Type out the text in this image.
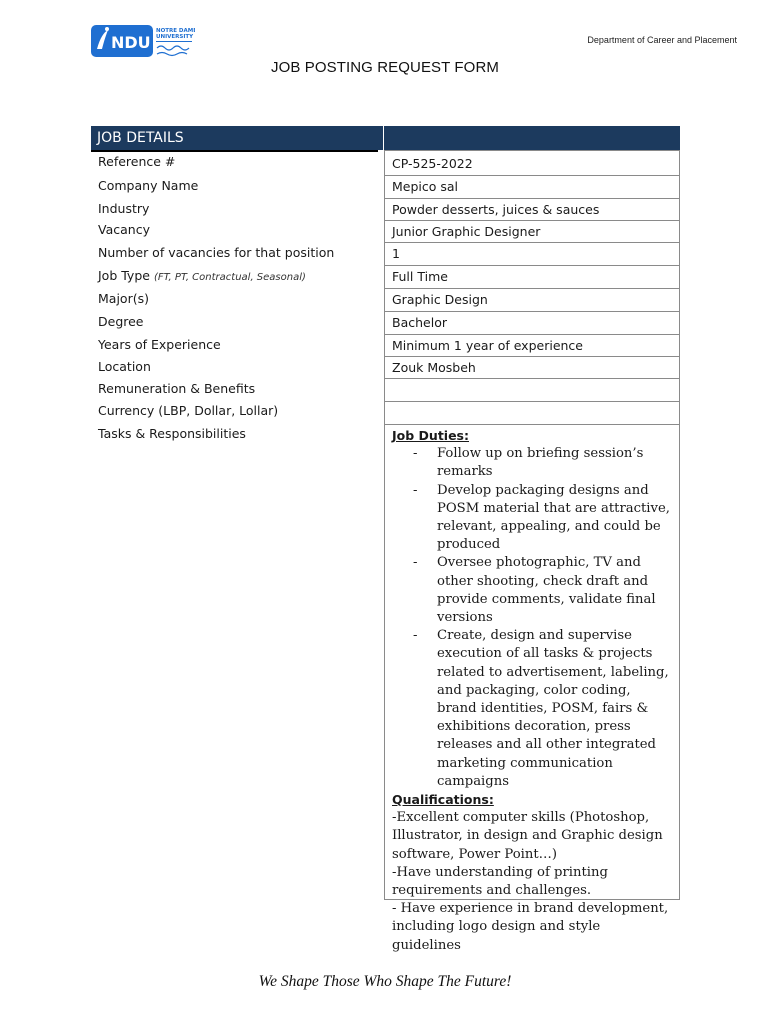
NDU
NOTRE DAME
UNIVERSITY	Department of Career and Placement
JOB POSTING REQUEST FORM
JOB DETAILS
Reference #
Company Name
Industry
Vacancy
Number of vacancies for that position
Job Type (FT, PT, Contractual, Seasonal)
Major(s)
Degree
Years of Experience
Location
Remuneration & Benefits
Currency (LBP, Dollar, Lollar)
Tasks & Responsibilities
CP-525-2022
Mepico sal
Powder desserts, juices & sauces
Junior Graphic Designer
1
Full Time
Graphic Design
Bachelor
Minimum 1 year of experience
Zouk Mosbeh
Job Duties:
- Follow up on briefing session’s remarks
- Develop packaging designs and POSM material that are attractive, relevant, appealing, and could be produced
- Oversee photographic, TV and other shooting, check draft and provide comments, validate final versions
- Create, design and supervise execution of all tasks & projects related to advertisement, labeling, and packaging, color coding, brand identities, POSM, fairs & exhibitions decoration, press releases and all other integrated marketing communication campaigns
Qualifications:
-Excellent computer skills (Photoshop, Illustrator, in design and Graphic design software, Power Point…)
-Have understanding of printing requirements and challenges.
- Have experience in brand development, including logo design and style guidelines
We Shape Those Who Shape The Future!
